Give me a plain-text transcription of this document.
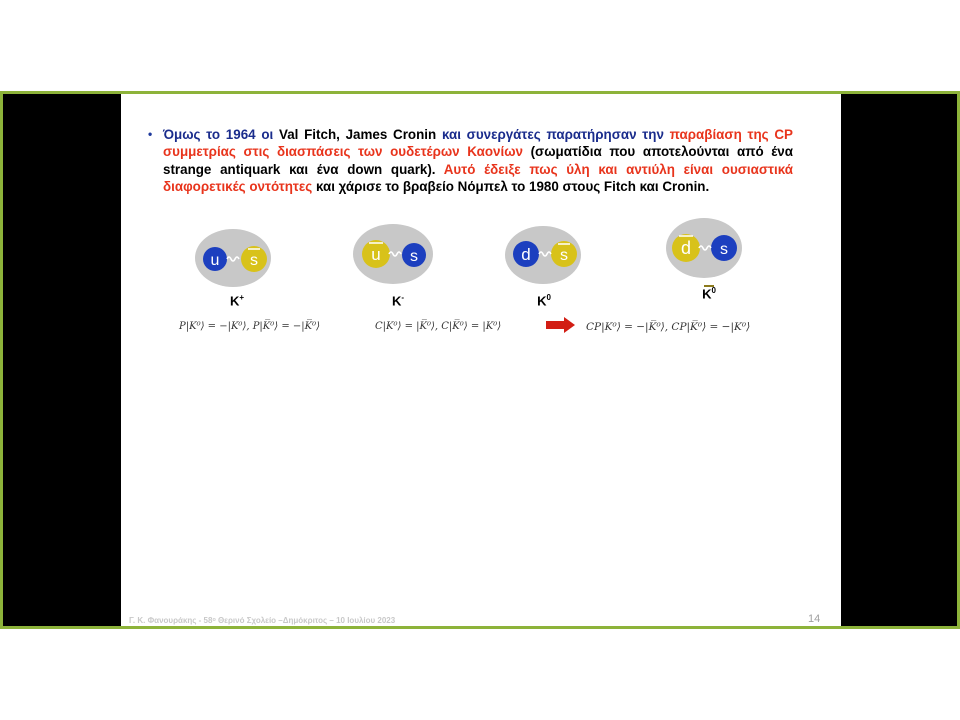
• Όμως το 1964 οι Val Fitch, James Cronin και συνεργάτες παρατήρησαν την παραβίαση της CP συμμετρίας στις διασπάσεις των ουδετέρων Καονίων (σωματίδια που αποτελούνται από ένα strange antiquark και ένα down quark). Αυτό έδειξε πως ύλη και αντιύλη είναι ουσιαστικά διαφορετικές οντότητες και χάρισε το βραβείο Νόμπελ το 1980 στους Fitch και Cronin.
u s
K+
u s
K-
d s
$K^0$
d s
$K^0$
P|K⁰⟩ = −|K⁰⟩, P|K̅⁰⟩ = −|K̅⁰⟩	C|K⁰⟩ = |K̅⁰⟩, C|K̅⁰⟩ = |K⁰⟩	CP|K⁰⟩ = −|K̅⁰⟩, CP|K̅⁰⟩ = −|K⁰⟩
Γ. Κ. Φανουράκης - 58ᵒ Θερινό Σχολείο –Δημόκριτος – 10 Ιουλίου 2023	14
